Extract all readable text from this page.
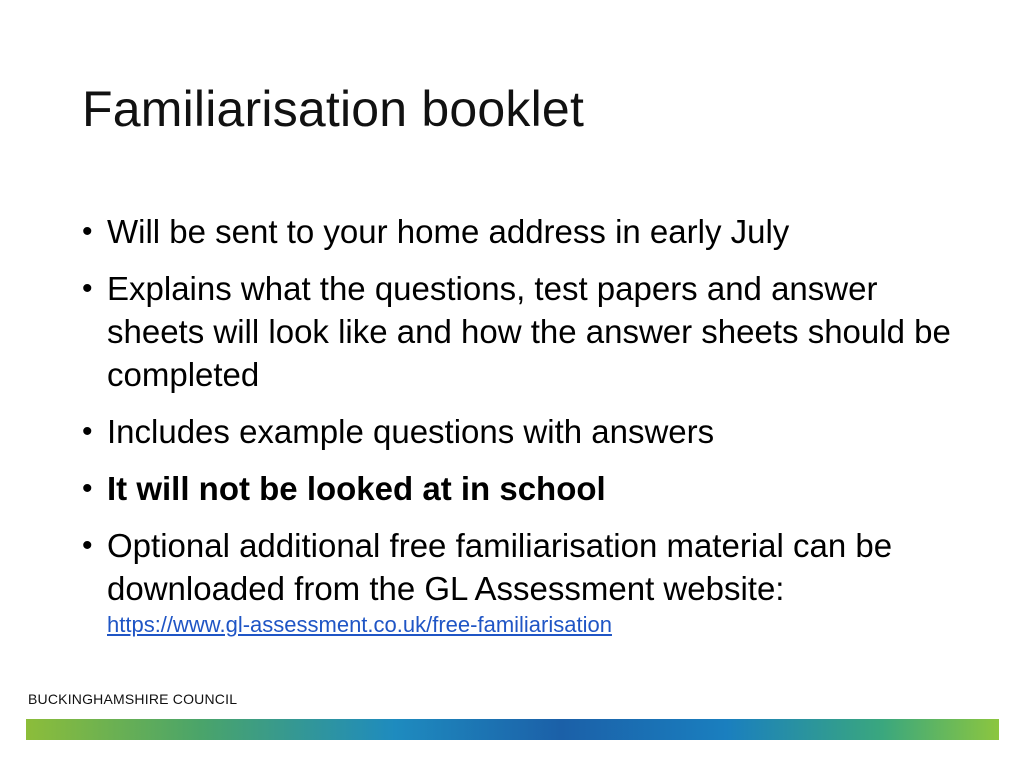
Familiarisation booklet
• Will be sent to your home address in early July
• Explains what the questions, test papers and answer sheets will look like and how the answer sheets should be completed
• Includes example questions with answers
• It will not be looked at in school
• Optional additional free familiarisation material can be downloaded from the GL Assessment website:
https://www.gl-assessment.co.uk/free-familiarisation
BUCKINGHAMSHIRE COUNCIL
